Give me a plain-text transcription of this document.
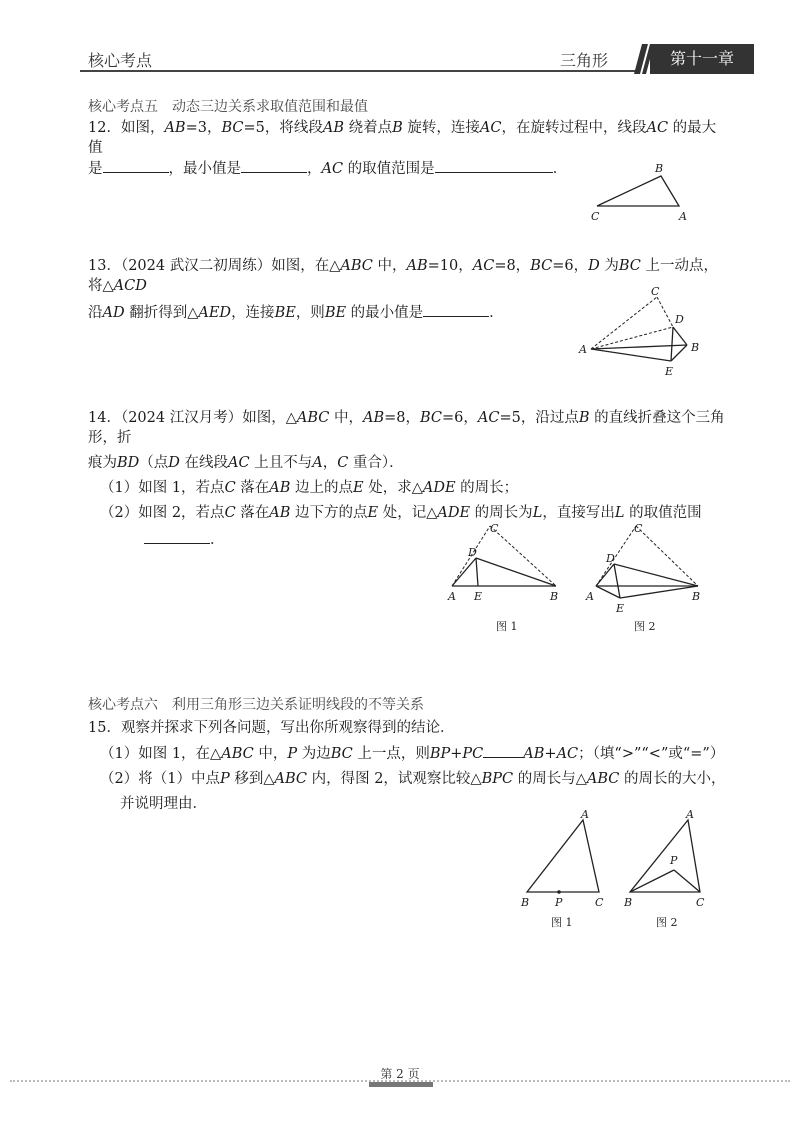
核心考点	三角形	第十一章
核心考点五　动态三边关系求取值范围和最值
12．如图，AB=3，BC=5，将线段AB 绕着点B 旋转，连接AC，在旋转过程中，线段AC 的最大值
是	，最小值是	，AC 的取值范围是	．	B
C	A
13．（2024 武汉二初周练）如图，在△ABC 中，AB=10，AC=8，BC=6，D 为BC 上一动点，将△ACD
沿AD 翻折得到△AED，连接BE，则BE 的最小值是	．
C
D
A	B
E
14．（2024 江汉月考）如图，△ABC 中，AB=8，BC=6，AC=5，沿过点B 的直线折叠这个三角形，折
痕为BD（点D 在线段AC 上且不与A，C 重合）．
（1）如图 1，若点C 落在AB 边上的点E 处，求△ADE 的周长；
（2）如图 2，若点C 落在AB 边下方的点E 处，记△ADE 的周长为L，直接写出L 的取值范围
．
C
D
A E	B
图 1
C
D
A
E
B
图 2
核心考点六　利用三角形三边关系证明线段的不等关系
15．观察并探求下列各问题，写出你所观察得到的结论．
（1）如图 1，在△ABC 中，P 为边BC 上一点，则BP+PC	AB+AC；（填“>”“<”或“=”）
（2）将（1）中点P 移到△ABC 内，得图 2，试观察比较△BPC 的周长与△ABC 的周长的大小，
并说明理由．
A
B P	C
图 1
A
P
B	C
图 2
第 2 页
